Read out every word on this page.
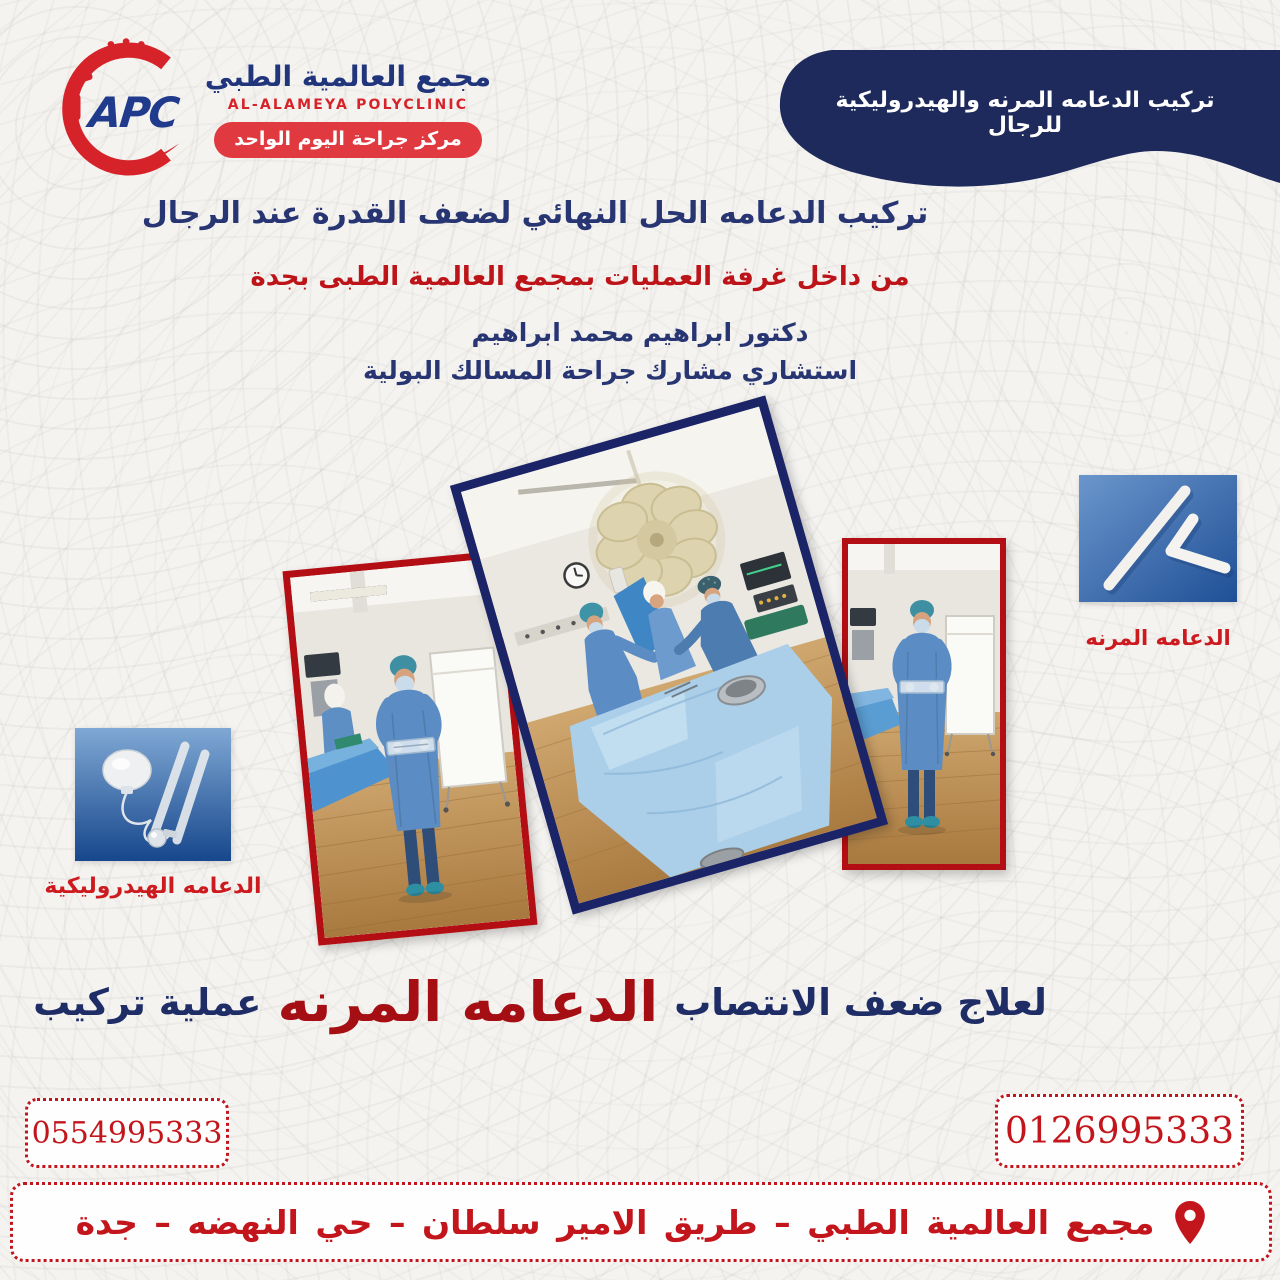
APC
مجمع العالمية الطبي
AL-ALAMEYA POLYCLINIC
مركز جراحة اليوم الواحد
تركيب الدعامه المرنه والهيدروليكية للرجال
تركيب الدعامه الحل النهائي لضعف القدرة عند الرجال
من داخل غرفة العمليات بمجمع العالمية الطبى بجدة
دكتور ابراهيم محمد ابراهيم
استشاري مشارك جراحة المسالك البولية
الدعامه المرنه
الدعامه الهيدروليكية
عملية تركيب الدعامه المرنه لعلاج ضعف الانتصاب
0554995333	0126995333
مجمع العالمية الطبي – طريق الامير سلطان – حي النهضه – جدة
